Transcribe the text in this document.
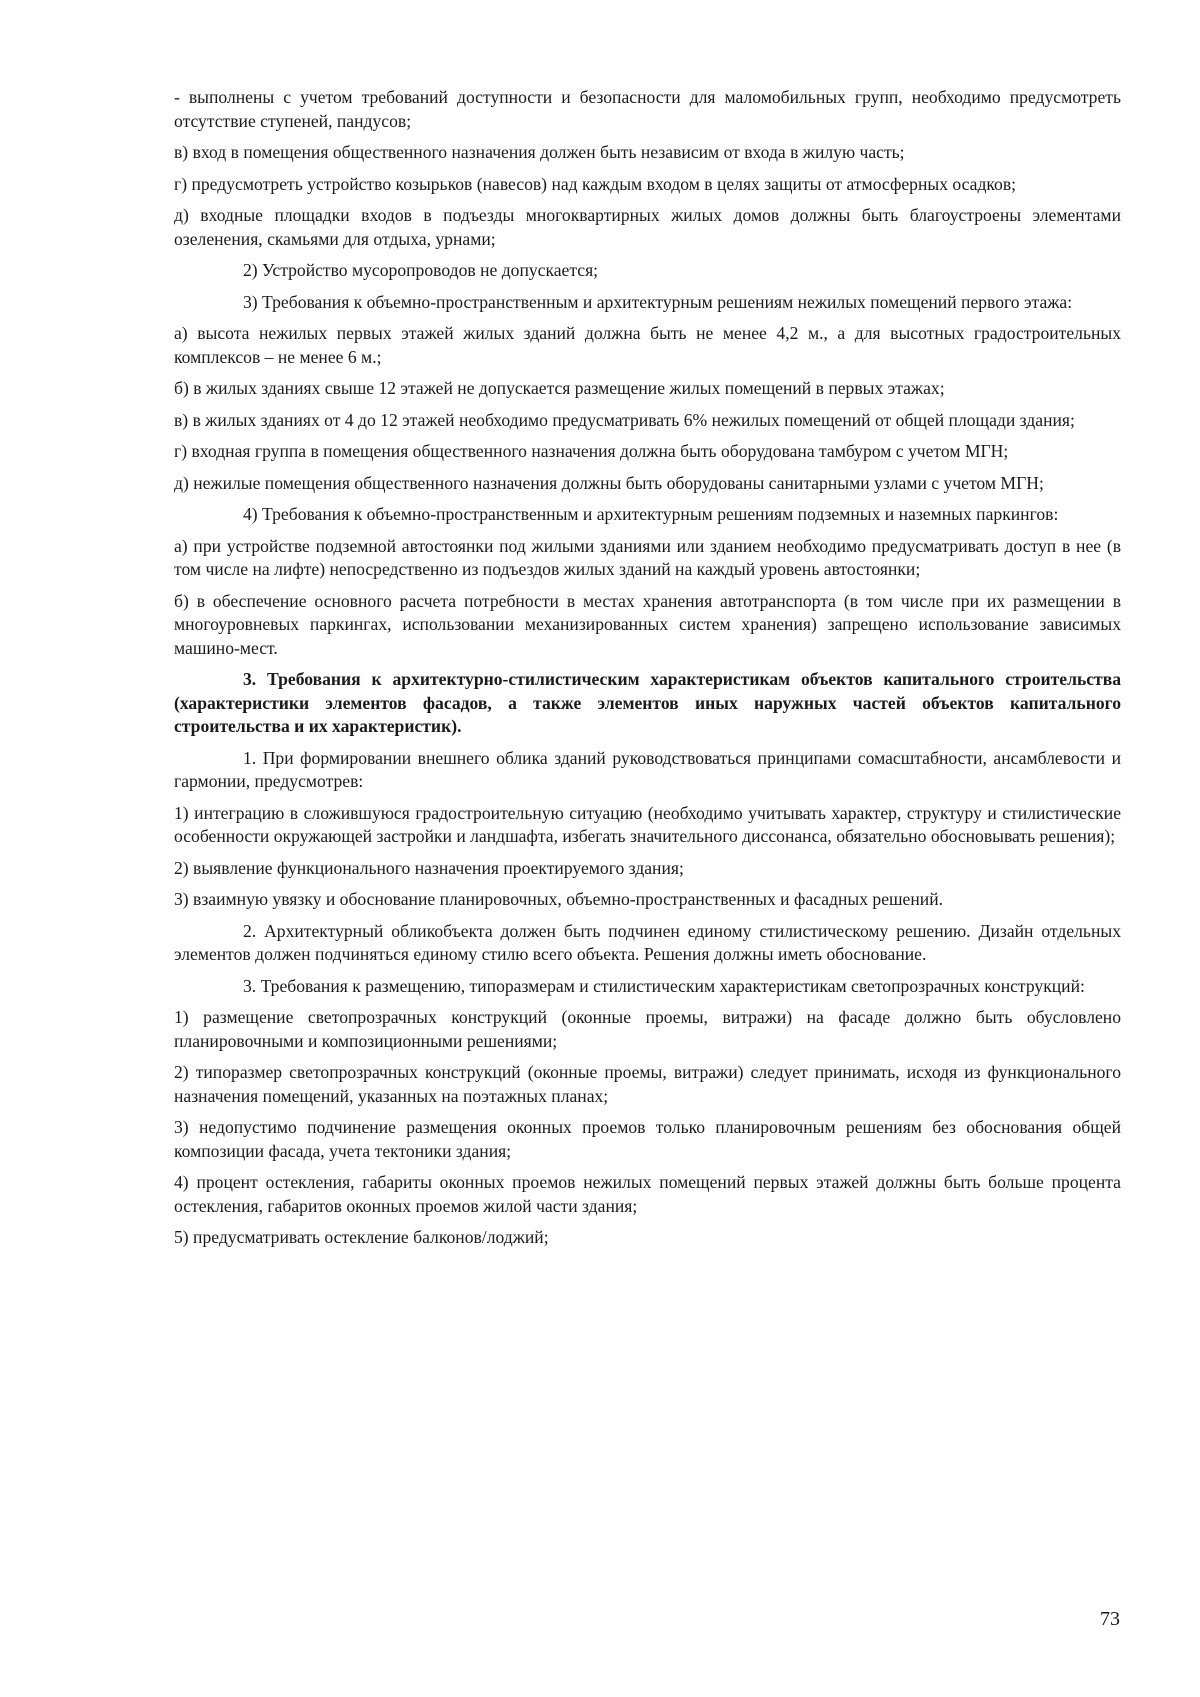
- выполнены с учетом требований доступности и безопасности для маломобильных групп, необходимо предусмотреть отсутствие ступеней, пандусов;

в) вход в помещения общественного назначения должен быть независим от входа в жилую часть;

г) предусмотреть устройство козырьков (навесов) над каждым входом в целях защиты от атмосферных осадков;

д) входные площадки входов в подъезды многоквартирных жилых домов должны быть благоустроены элементами озеленения, скамьями для отдыха, урнами;

2) Устройство мусоропроводов не допускается;

3) Требования к объемно-пространственным и архитектурным решениям нежилых помещений первого этажа:

а) высота нежилых первых этажей жилых зданий должна быть не менее 4,2 м., а для высотных градостроительных комплексов – не менее 6 м.;

б) в жилых зданиях свыше 12 этажей не допускается размещение жилых помещений в первых этажах;

в) в жилых зданиях от 4 до 12 этажей необходимо предусматривать 6% нежилых помещений от общей площади здания;

г) входная группа в помещения общественного назначения должна быть оборудована тамбуром с учетом МГН;

д) нежилые помещения общественного назначения должны быть оборудованы санитарными узлами с учетом МГН;

4) Требования к объемно-пространственным и архитектурным решениям подземных и наземных паркингов:

а) при устройстве подземной автостоянки под жилыми зданиями или зданием необходимо предусматривать доступ в нее (в том числе на лифте) непосредственно из подъездов жилых зданий на каждый уровень автостоянки;

б) в обеспечение основного расчета потребности в местах хранения автотранспорта (в том числе при их размещении в многоуровневых паркингах, использовании механизированных систем хранения) запрещено использование зависимых машино-мест.

3. Требования к архитектурно-стилистическим характеристикам объектов капитального строительства (характеристики элементов фасадов, а также элементов иных наружных частей объектов капитального строительства и их характеристик).

1. При формировании внешнего облика зданий руководствоваться принципами сомасштабности, ансамблевости и гармонии, предусмотрев:

1) интеграцию в сложившуюся градостроительную ситуацию (необходимо учитывать характер, структуру и стилистические особенности окружающей застройки и ландшафта, избегать значительного диссонанса, обязательно обосновывать решения);

2) выявление функционального назначения проектируемого здания;

3) взаимную увязку и обоснование планировочных, объемно-пространственных и фасадных решений.

2. Архитектурный обликобъекта должен быть подчинен единому стилистическому решению. Дизайн отдельных элементов должен подчиняться единому стилю всего объекта. Решения должны иметь обоснование.

3. Требования к размещению, типоразмерам и стилистическим характеристикам светопрозрачных конструкций:

1) размещение светопрозрачных конструкций (оконные проемы, витражи) на фасаде должно быть обусловлено планировочными и композиционными решениями;

2) типоразмер светопрозрачных конструкций (оконные проемы, витражи) следует принимать, исходя из функционального назначения помещений, указанных на поэтажных планах;

3) недопустимо подчинение размещения оконных проемов только планировочным решениям без обоснования общей композиции фасада, учета тектоники здания;

4) процент остекления, габариты оконных проемов нежилых помещений первых этажей должны быть больше процента остекления, габаритов оконных проемов жилой части здания;

5) предусматривать остекление балконов/лоджий;

73
